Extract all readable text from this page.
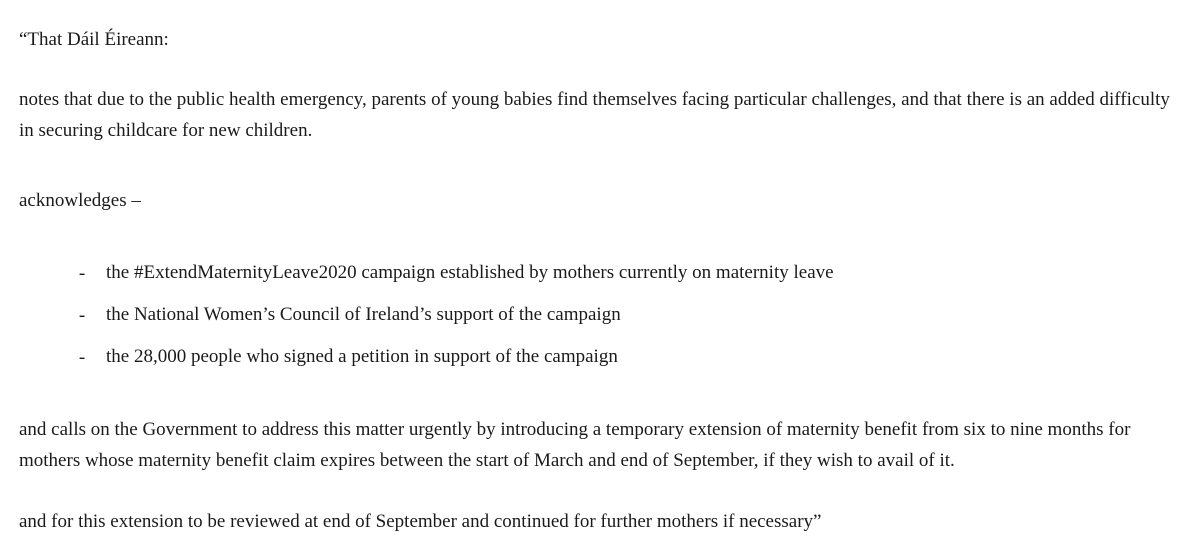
“That Dáil Éireann:

notes that due to the public health emergency, parents of young babies find themselves facing particular challenges, and that there is an added difficulty in securing childcare for new children.

acknowledges –

- the #ExtendMaternityLeave2020 campaign established by mothers currently on maternity leave
- the National Women’s Council of Ireland’s support of the campaign
- the 28,000 people who signed a petition in support of the campaign

and calls on the Government to address this matter urgently by introducing a temporary extension of maternity benefit from six to nine months for mothers whose maternity benefit claim expires between the start of March and end of September, if they wish to avail of it.

and for this extension to be reviewed at end of September and continued for further mothers if necessary”
